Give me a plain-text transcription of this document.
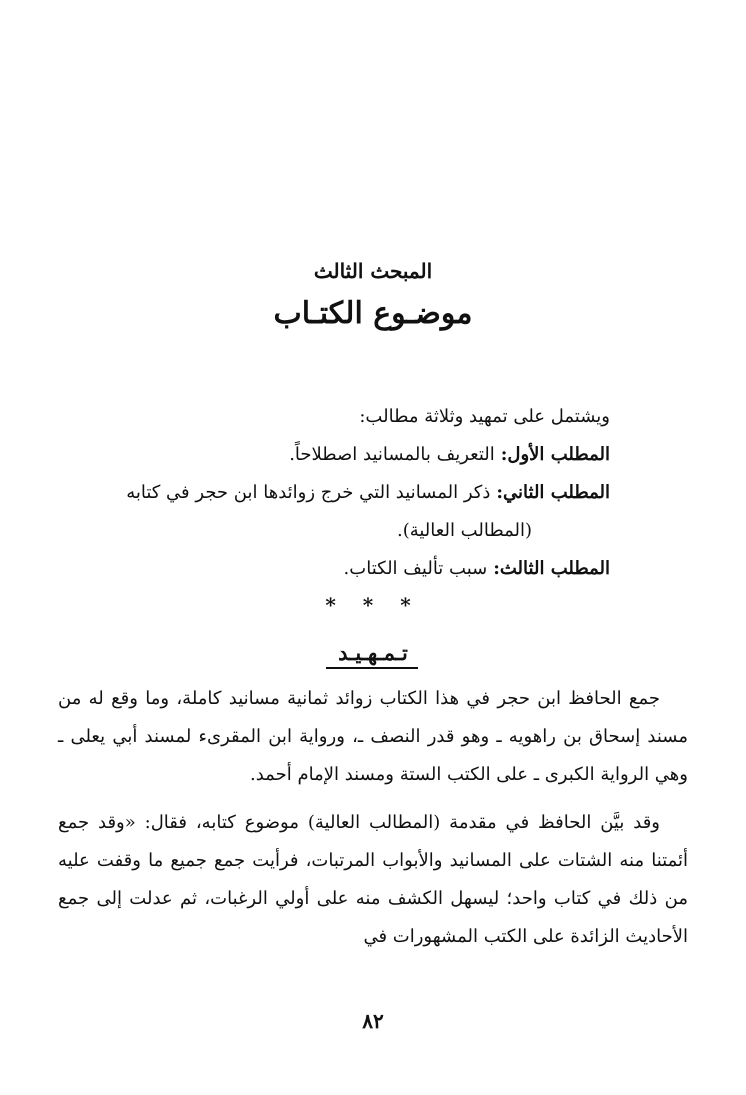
المبحث الثالث
موضـوع الكتـاب
ويشتمل على تمهيد وثلاثة مطالب:
المطلب الأول:
التعريف بالمسانيد اصطلاحاً.
المطلب الثاني:
ذكر المسانيد التي خرج زوائدها ابن حجر في كتابه
(المطالب العالية).
المطلب الثالث:
سبب تأليف الكتاب.
* * *
تـمـهـيـد

جمع الحافظ ابن حجر في هذا الكتاب زوائد ثمانية مسانيد كاملة، وما وقع له من مسند إسحاق بن راهويه ـ وهو قدر النصف ـ، ورواية ابن المقرىء لمسند أبي يعلى ـ وهي الرواية الكبرى ـ على الكتب الستة ومسند الإمام أحمد.

وقد بيَّن الحافظ في مقدمة (المطالب العالية) موضوع كتابه، فقال: «وقد جمع أئمتنا منه الشتات على المسانيد والأبواب المرتبات، فرأيت جمع جميع ما وقفت عليه من ذلك في كتاب واحد؛ ليسهل الكشف منه على أولي الرغبات، ثم عدلت إلى جمع الأحاديث الزائدة على الكتب المشهورات في

٨٢
